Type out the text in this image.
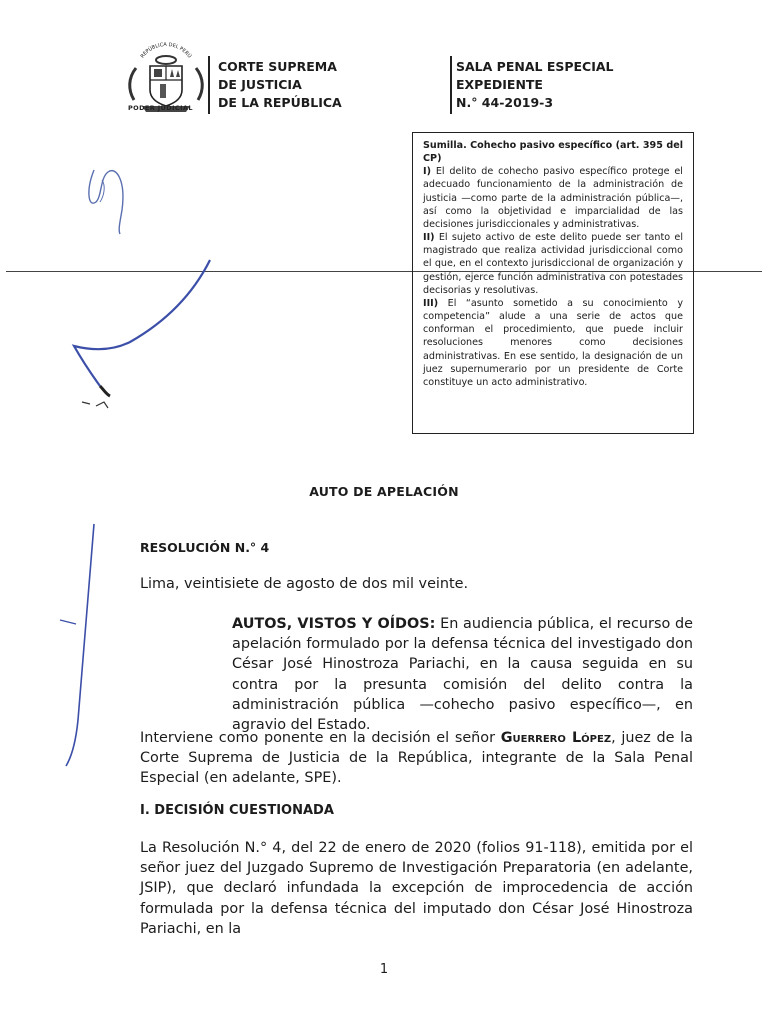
REPÚBLICA DEL PERÚ
PODER JUDICIAL
CORTE SUPREMA
DE JUSTICIA
DE LA REPÚBLICA
SALA PENAL ESPECIAL
EXPEDIENTE
N.° 44-2019-3

Sumilla. Cohecho pasivo específico (art. 395 del CP)

I) El delito de cohecho pasivo específico protege el adecuado funcionamiento de la administración de justicia —como parte de la administración pública—, así como la objetividad e imparcialidad de las decisiones jurisdiccionales y administrativas.

II) El sujeto activo de este delito puede ser tanto el magistrado que realiza actividad jurisdiccional como el que, en el contexto jurisdiccional de organización y gestión, ejerce función administrativa con potestades decisorias y resolutivas.

III) El “asunto sometido a su conocimiento y competencia” alude a una serie de actos que conforman el procedimiento, que puede incluir resoluciones menores como decisiones administrativas. En ese sentido, la designación de un juez supernumerario por un presidente de Corte constituye un acto administrativo.

AUTO DE APELACIÓN
RESOLUCIÓN N.° 4

Lima, veintisiete de agosto de dos mil veinte.

AUTOS, VISTOS Y OÍDOS: En audiencia pública, el recurso de apelación formulado por la defensa técnica del investigado don César José Hinostroza Pariachi, en la causa seguida en su contra por la presunta comisión del delito contra la administración pública —cohecho pasivo específico—, en agravio del Estado.

Interviene como ponente en la decisión el señor Guerrero López, juez de la Corte Suprema de Justicia de la República, integrante de la Sala Penal Especial (en adelante, SPE).

I. DECISIÓN CUESTIONADA

La Resolución N.° 4, del 22 de enero de 2020 (folios 91-118), emitida por el señor juez del Juzgado Supremo de Investigación Preparatoria (en adelante, JSIP), que declaró infundada la excepción de improcedencia de acción formulada por la defensa técnica del imputado don César José Hinostroza Pariachi, en la

1
